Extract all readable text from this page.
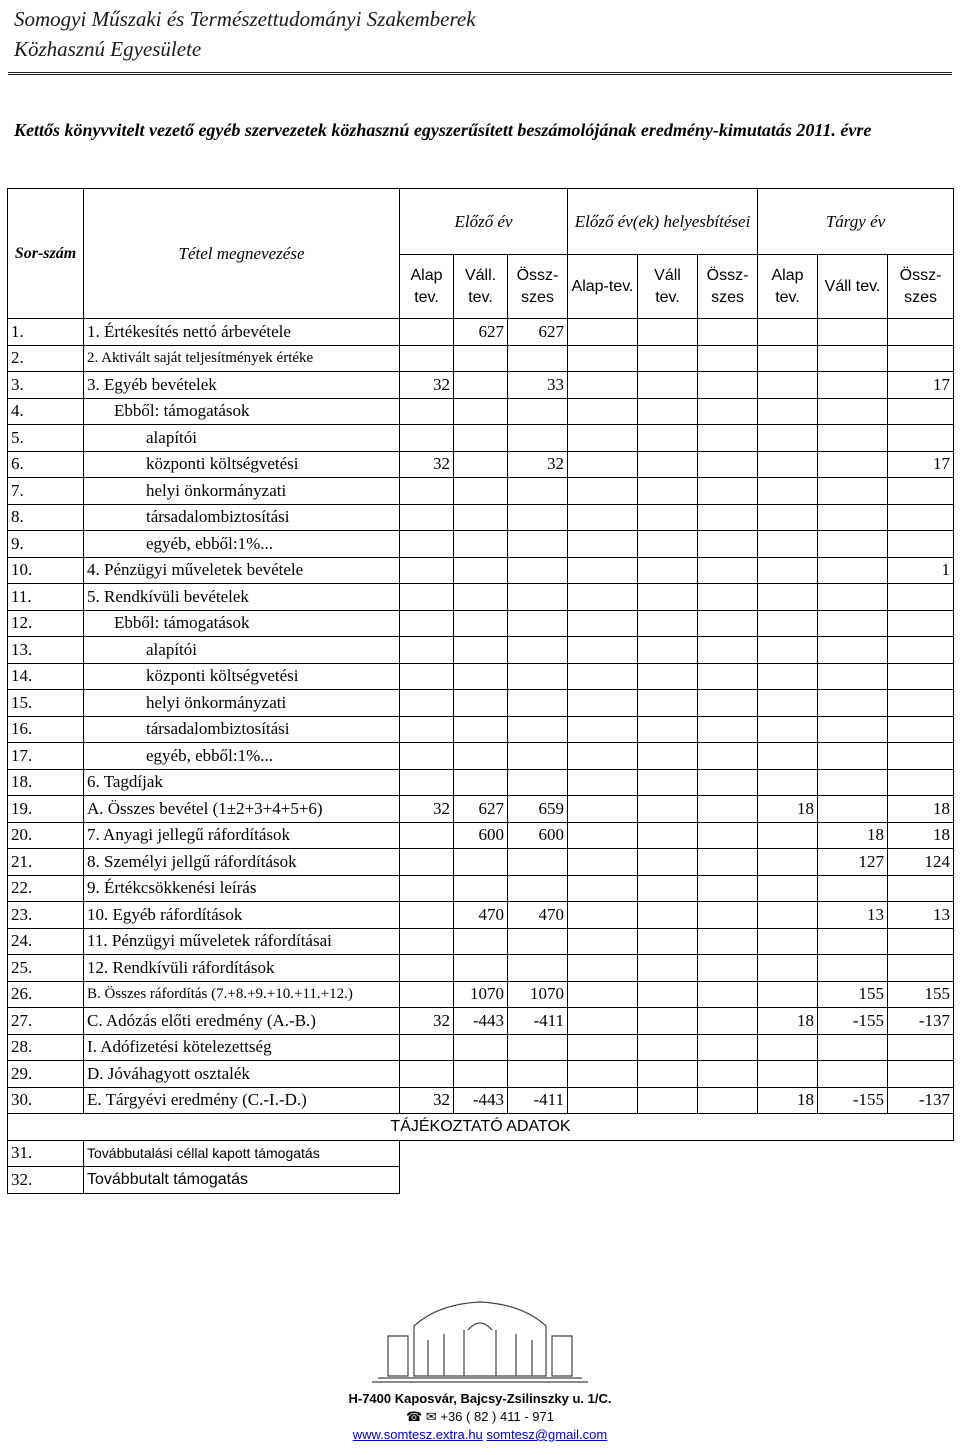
Somogyi Műszaki és Természettudományi Szakemberek
Közhasznú Egyesülete
Kettős könyvvitelt vezető egyéb szervezetek közhasznú egyszerűsített beszámolójának eredmény-kimutatás 2011. évre
Sor-szám	Tétel megnevezése	Előző év			Előző év(ek) helyesbítései			Tárgy év		
		Alap tev.	Váll. tev.	Össz-szes	Alap-tev.	Váll tev.	Össz-szes	Alap tev.	Váll tev.	Össz-szes
1.	1. Értékesítés nettó árbevétele		627	627						
2.	2. Aktivált saját teljesítmények értéke									
3.	3. Egyéb bevételek	32		33						17
4.	Ebből: támogatások									
5.	alapítói									
6.	központi költségvetési	32		32						17
7.	helyi önkormányzati									
8.	társadalombiztosítási									
9.	egyéb, ebből:1%...									
10.	4. Pénzügyi műveletek bevétele									1
11.	5. Rendkívüli bevételek									
12.	Ebből: támogatások									
13.	alapítói									
14.	központi költségvetési									
15.	helyi önkormányzati									
16.	társadalombiztosítási									
17.	egyéb, ebből:1%...									
18.	6. Tagdíjak									
19.	A. Összes bevétel (1±2+3+4+5+6)	32	627	659				18		18
20.	7. Anyagi jellegű ráfordítások		600	600					18	18
21.	8. Személyi jellgű ráfordítások								127	124
22.	9. Értékcsökkenési leírás									
23.	10. Egyéb ráfordítások		470	470					13	13
24.	11. Pénzügyi műveletek ráfordításai									
25.	12. Rendkívüli ráfordítások									
26.	B. Összes ráfordítás (7.+8.+9.+10.+11.+12.)		1070	1070					155	155
27.	C. Adózás előti eredmény (A.-B.)	32	-443	-411				18	-155	-137
28.	I. Adófizetési kötelezettség									
29.	D. Jóváhagyott osztalék									
30.	E. Tárgyévi eredmény (C.-I.-D.)	32	-443	-411				18	-155	-137
TÁJÉKOZTATÓ ADATOK										
31.	Továbbutalási céllal kapott támogatás									
32.	Továbbutalt támogatás									
H-7400 Kaposvár, Bajcsy-Zsilinszky u. 1/C.
☎ ✉ +36 ( 82 ) 411 - 971
www.somtesz.extra.hu somtesz@gmail.com
